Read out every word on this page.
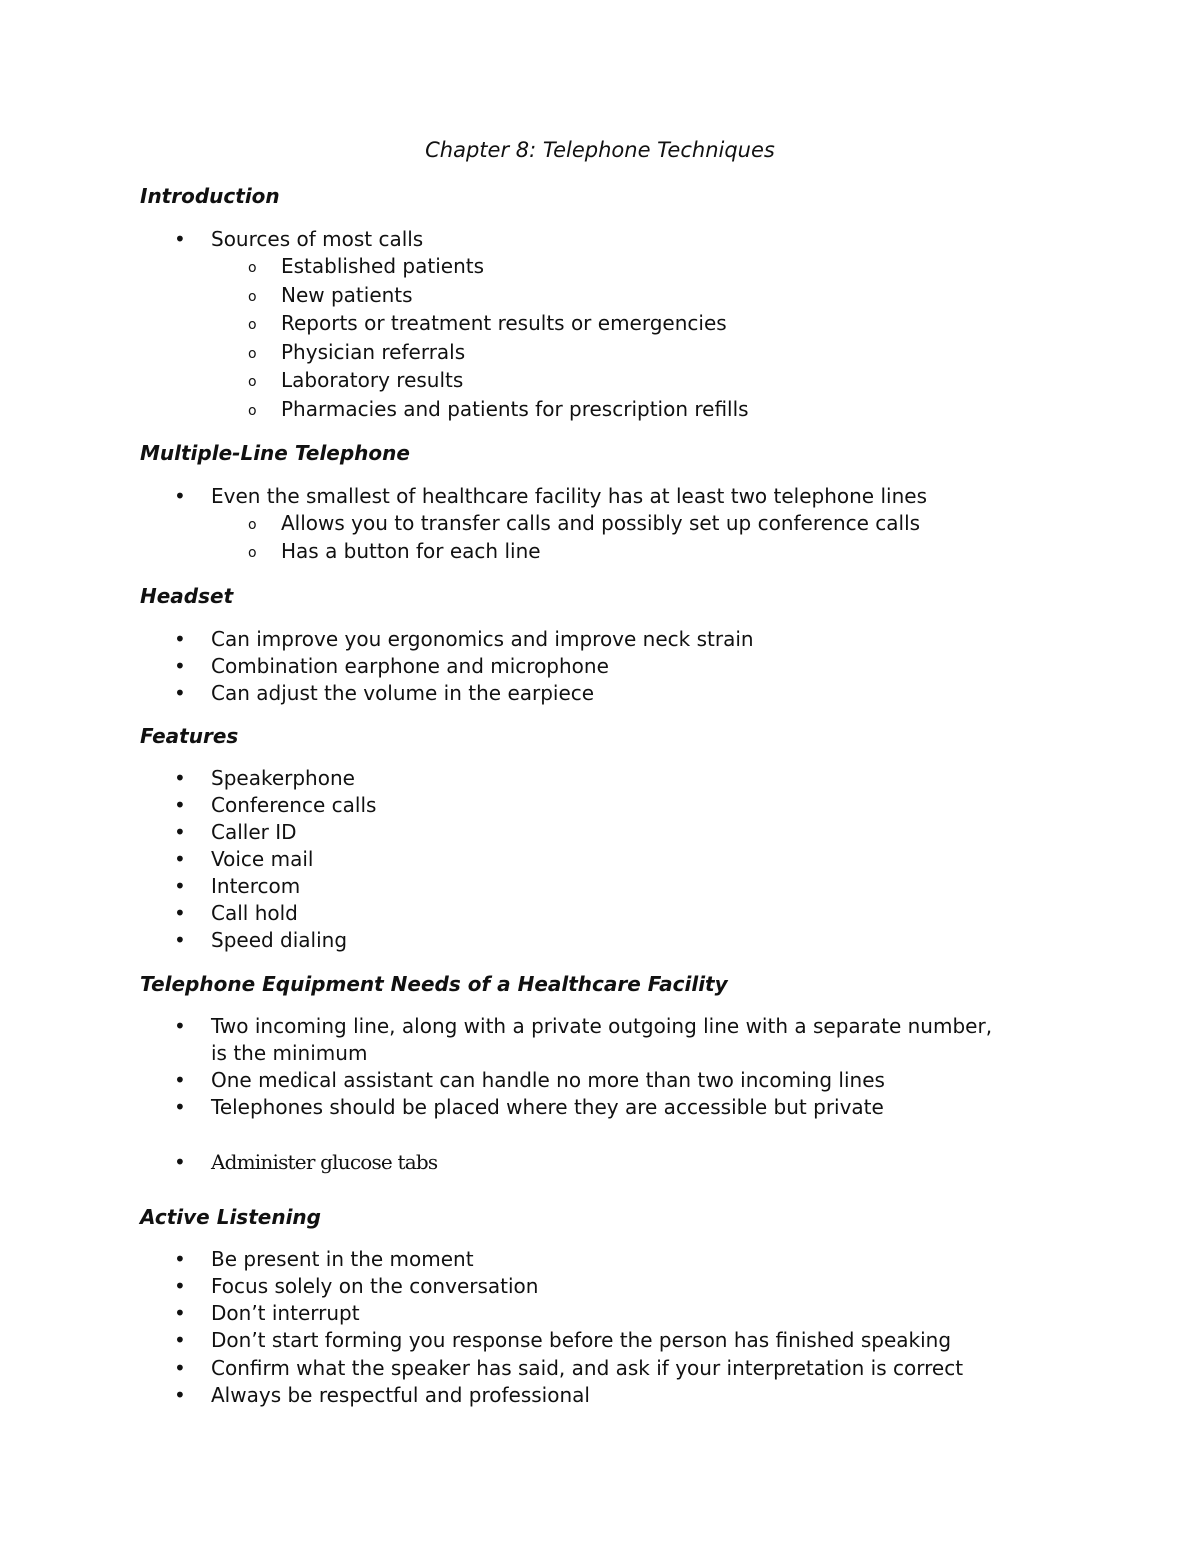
Chapter 8: Telephone Techniques
Introduction
• Sources of most calls
o Established patients
o New patients
o Reports or treatment results or emergencies
o Physician referrals
o Laboratory results
o Pharmacies and patients for prescription refills
Multiple-Line Telephone
• Even the smallest of healthcare facility has at least two telephone lines
o Allows you to transfer calls and possibly set up conference calls
o Has a button for each line
Headset
• Can improve you ergonomics and improve neck strain
• Combination earphone and microphone
• Can adjust the volume in the earpiece
Features
• Speakerphone
• Conference calls
• Caller ID
• Voice mail
• Intercom
• Call hold
• Speed dialing
Telephone Equipment Needs of a Healthcare Facility
• Two incoming line, along with a private outgoing line with a separate number,
is the minimum
• One medical assistant can handle no more than two incoming lines
• Telephones should be placed where they are accessible but private
• Administer glucose tabs
Active Listening
• Be present in the moment
• Focus solely on the conversation
• Don’t interrupt
• Don’t start forming you response before the person has finished speaking
• Confirm what the speaker has said, and ask if your interpretation is correct
• Always be respectful and professional
